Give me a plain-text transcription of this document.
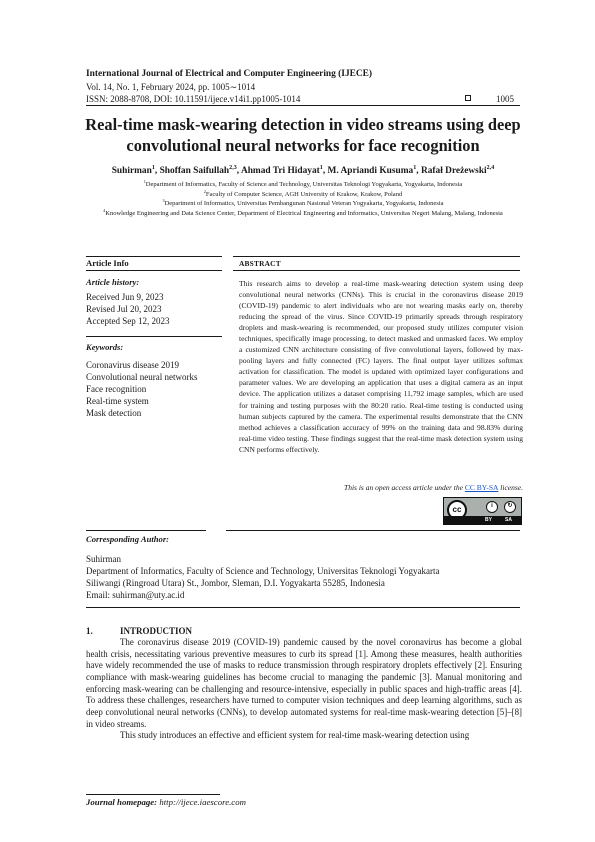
International Journal of Electrical and Computer Engineering (IJECE)
Vol. 14, No. 1, February 2024, pp. 1005∼1014
ISSN: 2088-8708, DOI: 10.11591/ijece.v14i1.pp1005-1014	1005
Real-time mask-wearing detection in video streams using deep convolutional neural networks for face recognition
Suhirman$^1$, Shoffan Saifullah$^{2,3}$, Ahmad Tri Hidayat$^1$, M. Apriandi Kusuma$^1$, Rafał Dreżewski$^{2,4}$
$^1$Department of Informatics, Faculty of Science and Technology, Universitas Teknologi Yogyakarta, Yogyakarta, Indonesia
$^2$Faculty of Computer Science, AGH University of Krakow, Krakow, Poland
$^3$Department of Informatics, Universitas Pembangunan Nasional Veteran Yogyakarta, Yogyakarta, Indonesia
$^4$Knowledge Engineering and Data Science Center, Department of Electrical Engineering and Informatics, Universitas Negeri Malang, Malang, Indonesia
Article Info	ABSTRACT
Article history:
Received Jun 9, 2023
Revised Jul 20, 2023
Accepted Sep 12, 2023
Keywords:
Coronavirus disease 2019
Convolutional neural networks
Face recognition
Real-time system
Mask detection

This research aims to develop a real-time mask-wearing detection system using deep convolutional neural networks (CNNs). This is crucial in the coronavirus disease 2019 (COVID-19) pandemic to alert individuals who are not wearing masks early on, thereby reducing the spread of the virus. Since COVID-19 primarily spreads through respiratory droplets and mask-wearing is recommended, our proposed study utilizes computer vision techniques, specifically image processing, to detect masked and unmasked faces. We employ a customized CNN architecture consisting of five convolutional layers, followed by max-pooling layers and fully connected (FC) layers. The final output layer utilizes softmax activation for classification. The model is updated with optimized layer configurations and parameter values. We are developing an application that uses a digital camera as an input device. The application utilizes a dataset comprising 11,792 image samples, which are used for training and testing purposes with the 80:20 ratio. Real-time testing is conducted using human subjects captured by the camera. The experimental results demonstrate that the CNN method achieves a classification accuracy of 99% on the training data and 98.83% during real-time video testing. These findings suggest that the real-time mask detection system using CNN performs effectively.

This is an open access article under the CC BY-SA license.
cc	i	↻
BY	SA
Corresponding Author:
Suhirman
Department of Informatics, Faculty of Science and Technology, Universitas Teknologi Yogyakarta
Siliwangi (Ringroad Utara) St., Jombor, Sleman, D.I. Yogyakarta 55285, Indonesia
Email: suhirman@uty.ac.id
1.	INTRODUCTION

The coronavirus disease 2019 (COVID-19) pandemic caused by the novel coronavirus has become a global health crisis, necessitating various preventive measures to curb its spread [1]. Among these measures, health authorities have widely recommended the use of masks to reduce transmission through respiratory droplets effectively [2]. Ensuring compliance with mask-wearing guidelines has become crucial to managing the pandemic [3]. Manual monitoring and enforcing mask-wearing can be challenging and resource-intensive, especially in public spaces and high-traffic areas [4]. To address these challenges, researchers have turned to computer vision techniques and deep learning algorithms, such as deep convolutional neural networks (CNNs), to develop automated systems for real-time mask-wearing detection [5]–[8] in video streams.

This study introduces an effective and efficient system for real-time mask-wearing detection using

Journal homepage: http://ijece.iaescore.com
